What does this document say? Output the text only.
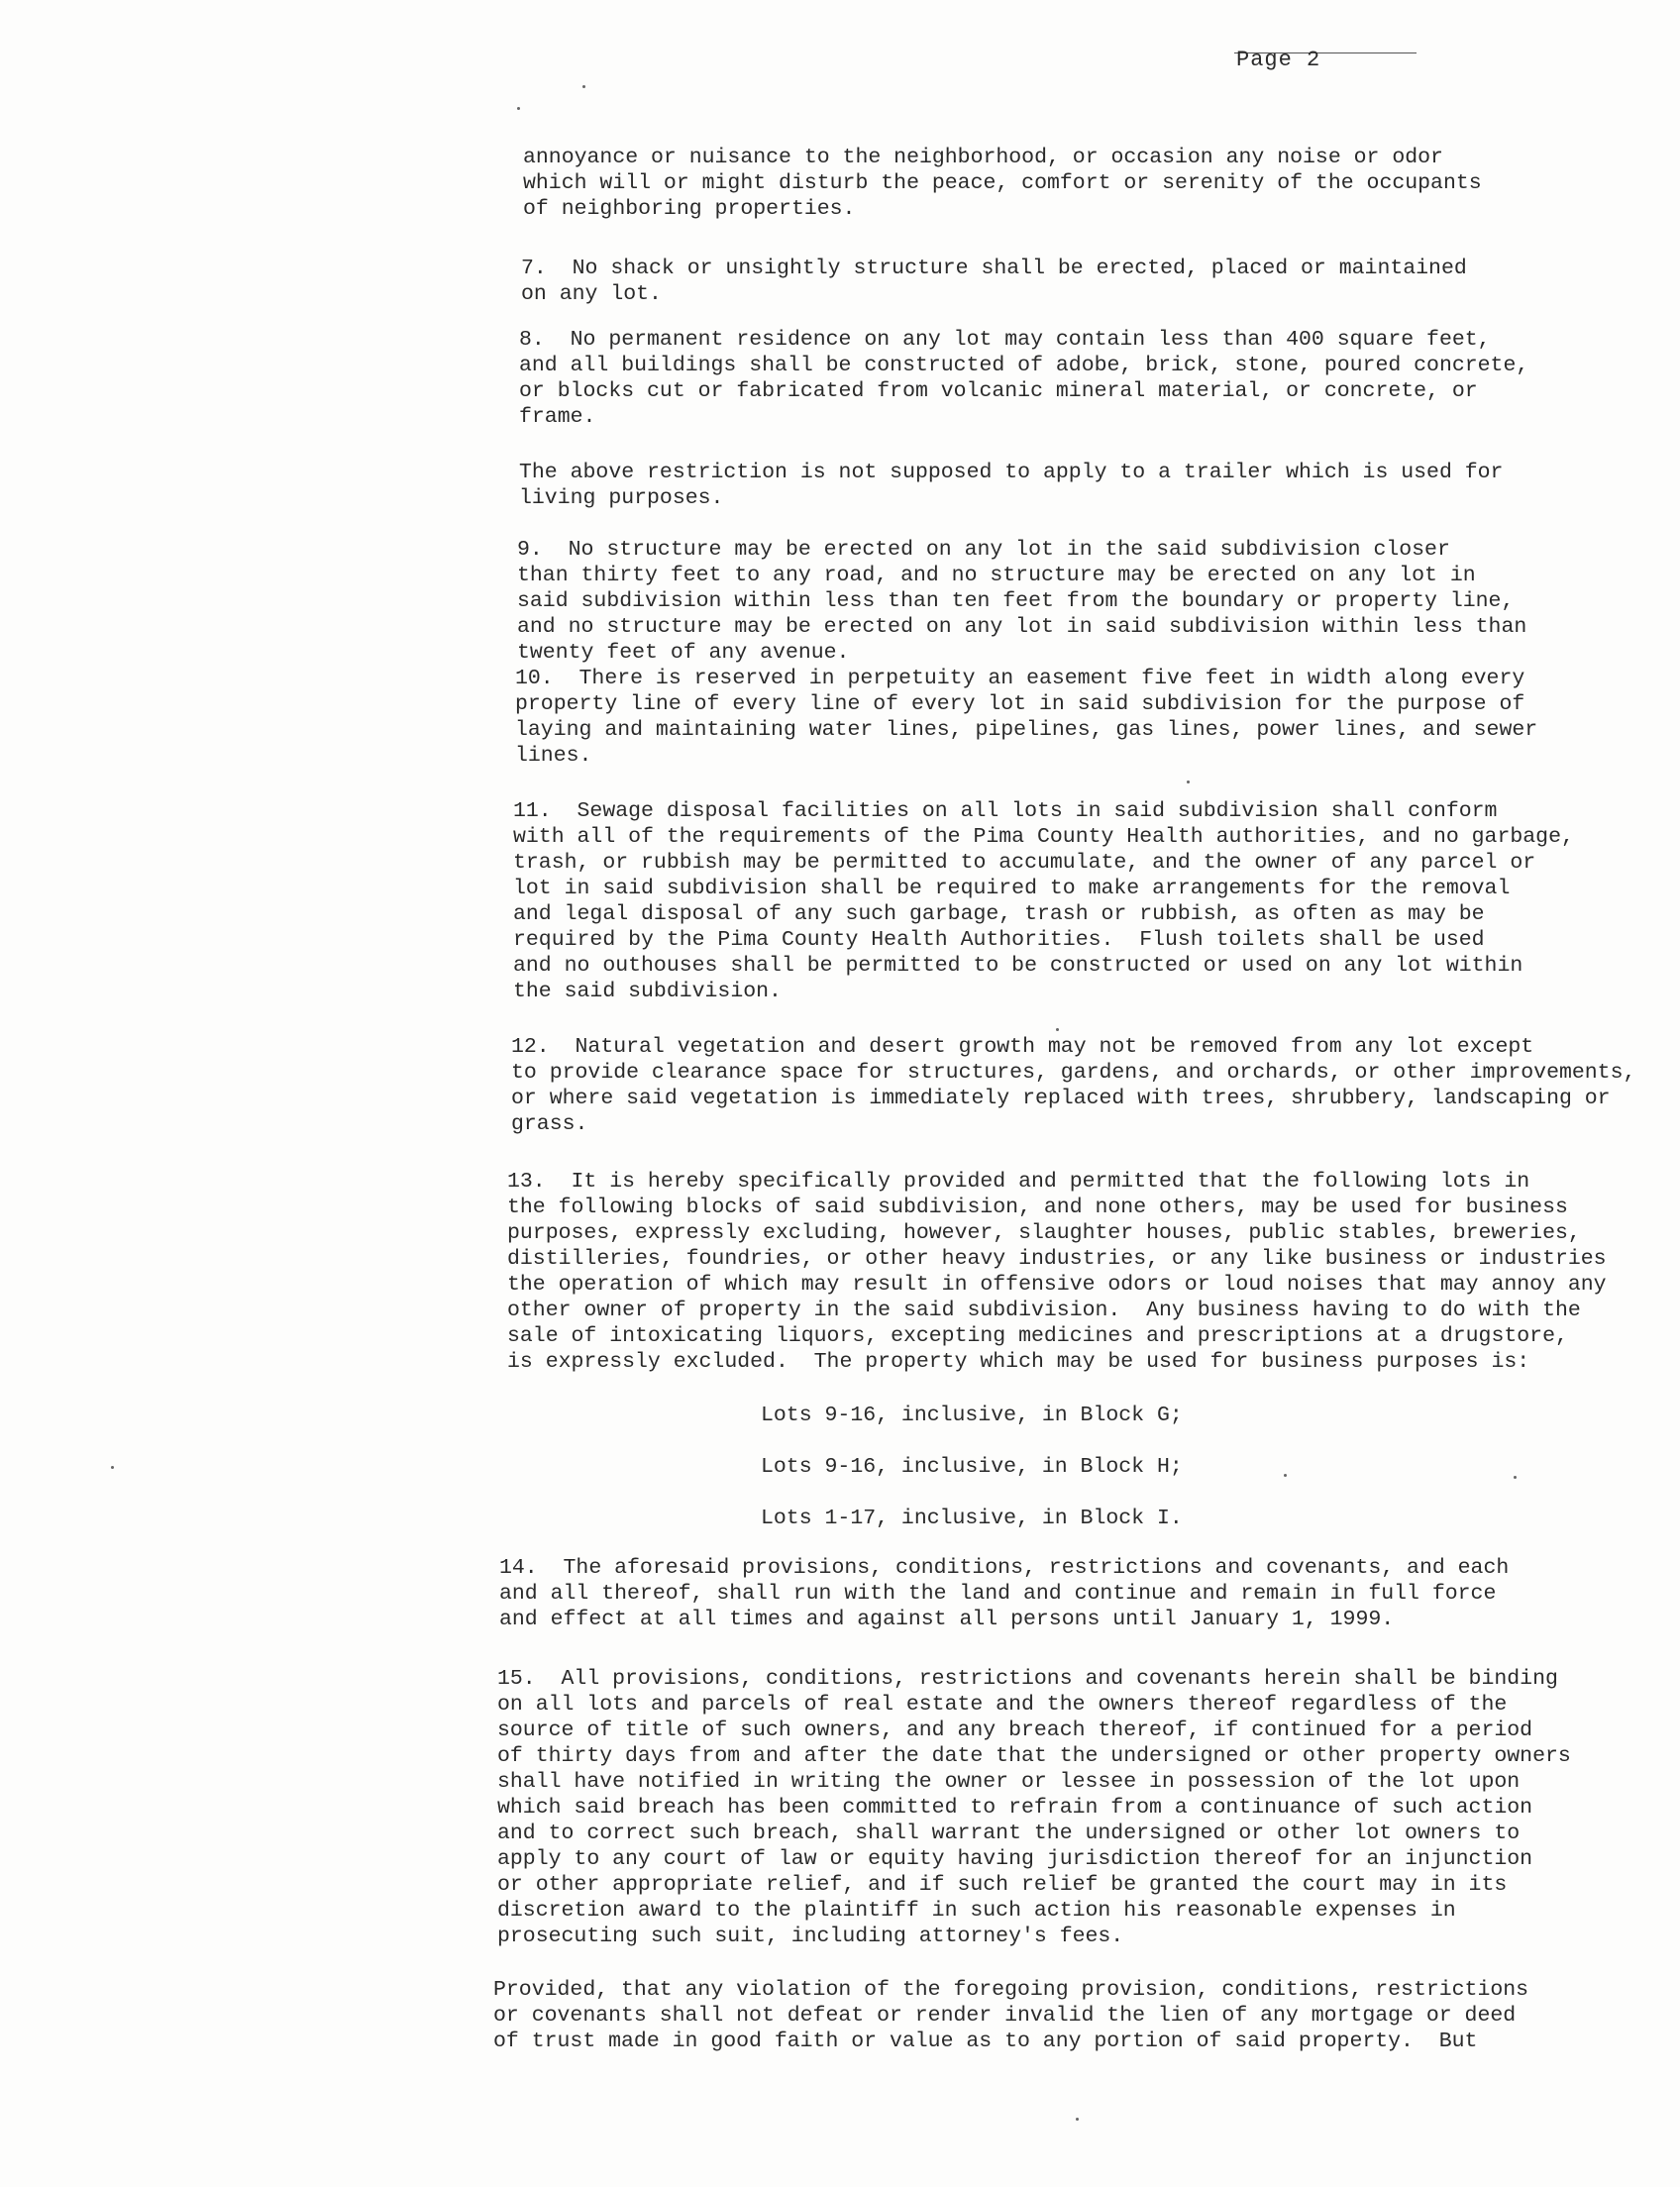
Page 2
annoyance or nuisance to the neighborhood, or occasion any noise or odor
which will or might disturb the peace, comfort or serenity of the occupants
of neighboring properties.
7.  No shack or unsightly structure shall be erected, placed or maintained
on any lot.
8.  No permanent residence on any lot may contain less than 400 square feet,
and all buildings shall be constructed of adobe, brick, stone, poured concrete,
or blocks cut or fabricated from volcanic mineral material, or concrete, or
frame.
The above restriction is not supposed to apply to a trailer which is used for
living purposes.
9.  No structure may be erected on any lot in the said subdivision closer
than thirty feet to any road, and no structure may be erected on any lot in
said subdivision within less than ten feet from the boundary or property line,
and no structure may be erected on any lot in said subdivision within less than
twenty feet of any avenue.
10.  There is reserved in perpetuity an easement five feet in width along every
property line of every line of every lot in said subdivision for the purpose of
laying and maintaining water lines, pipelines, gas lines, power lines, and sewer
lines.
11.  Sewage disposal facilities on all lots in said subdivision shall conform
with all of the requirements of the Pima County Health authorities, and no garbage,
trash, or rubbish may be permitted to accumulate, and the owner of any parcel or
lot in said subdivision shall be required to make arrangements for the removal
and legal disposal of any such garbage, trash or rubbish, as often as may be
required by the Pima County Health Authorities.  Flush toilets shall be used
and no outhouses shall be permitted to be constructed or used on any lot within
the said subdivision.
12.  Natural vegetation and desert growth may not be removed from any lot except
to provide clearance space for structures, gardens, and orchards, or other improvements,
or where said vegetation is immediately replaced with trees, shrubbery, landscaping or
grass.
13.  It is hereby specifically provided and permitted that the following lots in
the following blocks of said subdivision, and none others, may be used for business
purposes, expressly excluding, however, slaughter houses, public stables, breweries,
distilleries, foundries, or other heavy industries, or any like business or industries
the operation of which may result in offensive odors or loud noises that may annoy any
other owner of property in the said subdivision.  Any business having to do with the
sale of intoxicating liquors, excepting medicines and prescriptions at a drugstore,
is expressly excluded.  The property which may be used for business purposes is:
Lots 9-16, inclusive, in Block G;
Lots 9-16, inclusive, in Block H;
Lots 1-17, inclusive, in Block I.
14.  The aforesaid provisions, conditions, restrictions and covenants, and each
and all thereof, shall run with the land and continue and remain in full force
and effect at all times and against all persons until January 1, 1999.
15.  All provisions, conditions, restrictions and covenants herein shall be binding
on all lots and parcels of real estate and the owners thereof regardless of the
source of title of such owners, and any breach thereof, if continued for a period
of thirty days from and after the date that the undersigned or other property owners
shall have notified in writing the owner or lessee in possession of the lot upon
which said breach has been committed to refrain from a continuance of such action
and to correct such breach, shall warrant the undersigned or other lot owners to
apply to any court of law or equity having jurisdiction thereof for an injunction
or other appropriate relief, and if such relief be granted the court may in its
discretion award to the plaintiff in such action his reasonable expenses in
prosecuting such suit, including attorney's fees.
Provided, that any violation of the foregoing provision, conditions, restrictions
or covenants shall not defeat or render invalid the lien of any mortgage or deed
of trust made in good faith or value as to any portion of said property.  But
